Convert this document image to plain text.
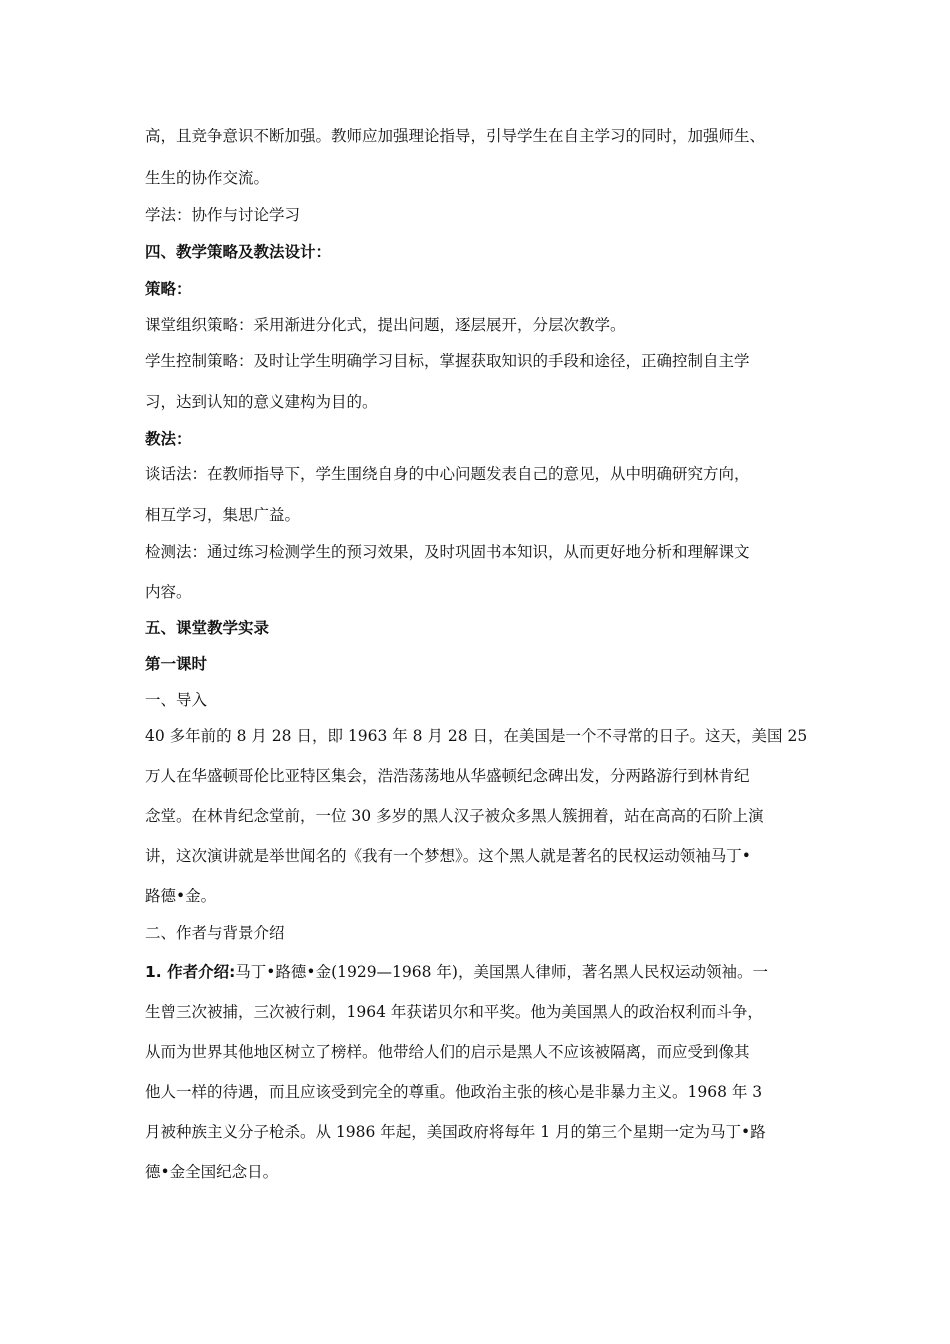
高，且竞争意识不断加强。教师应加强理论指导，引导学生在自主学习的同时，加强师生、
生生的协作交流。
学法：协作与讨论学习
四、教学策略及教法设计：
策略：
课堂组织策略：采用渐进分化式，提出问题，逐层展开，分层次教学。
学生控制策略：及时让学生明确学习目标，掌握获取知识的手段和途径，正确控制自主学
习，达到认知的意义建构为目的。
教法：
谈话法：在教师指导下，学生围绕自身的中心问题发表自己的意见，从中明确研究方向，
相互学习，集思广益。
检测法：通过练习检测学生的预习效果，及时巩固书本知识，从而更好地分析和理解课文
内容。
五、课堂教学实录
第一课时
一、导入
40 多年前的 8 月 28 日，即 1963 年 8 月 28 日，在美国是一个不寻常的日子。这天，美国 25
万人在华盛顿哥伦比亚特区集会，浩浩荡荡地从华盛顿纪念碑出发，分两路游行到林肯纪
念堂。在林肯纪念堂前，一位 30 多岁的黑人汉子被众多黑人簇拥着，站在高高的石阶上演
讲，这次演讲就是举世闻名的《我有一个梦想》。这个黑人就是著名的民权运动领袖马丁•
路德•金。
二、作者与背景介绍
1. 作者介绍:马丁•路德•金(1929—1968 年)，美国黑人律师，著名黑人民权运动领袖。一
生曾三次被捕，三次被行刺，1964 年获诺贝尔和平奖。他为美国黑人的政治权利而斗争，
从而为世界其他地区树立了榜样。他带给人们的启示是黑人不应该被隔离，而应受到像其
他人一样的待遇，而且应该受到完全的尊重。他政治主张的核心是非暴力主义。1968 年 3
月被种族主义分子枪杀。从 1986 年起，美国政府将每年 1 月的第三个星期一定为马丁•路
德•金全国纪念日。
